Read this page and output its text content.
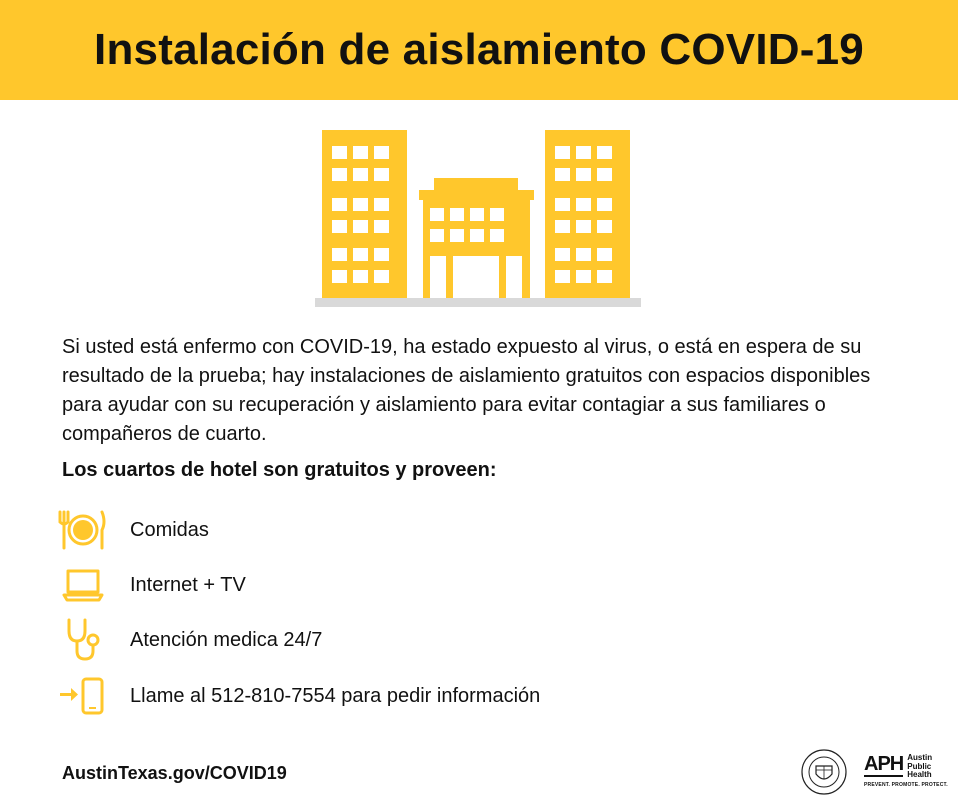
Instalación de aislamiento COVID-19

Si usted está enfermo con COVID-19, ha estado expuesto al virus, o está en espera de su resultado de la prueba; hay instalaciones de aislamiento gratuitos con espacios disponibles para ayudar con su recuperación y aislamiento para evitar contagiar a sus familiares o compañeros de cuarto.

Los cuartos de hotel son gratuitos y proveen:

Comidas
Internet + TV
Atención medica 24/7
Llame al 512-810-7554 para pedir información
AustinTexas.gov/COVID19	APH Austin
Public
Health
PREVENT. PROMOTE. PROTECT.
